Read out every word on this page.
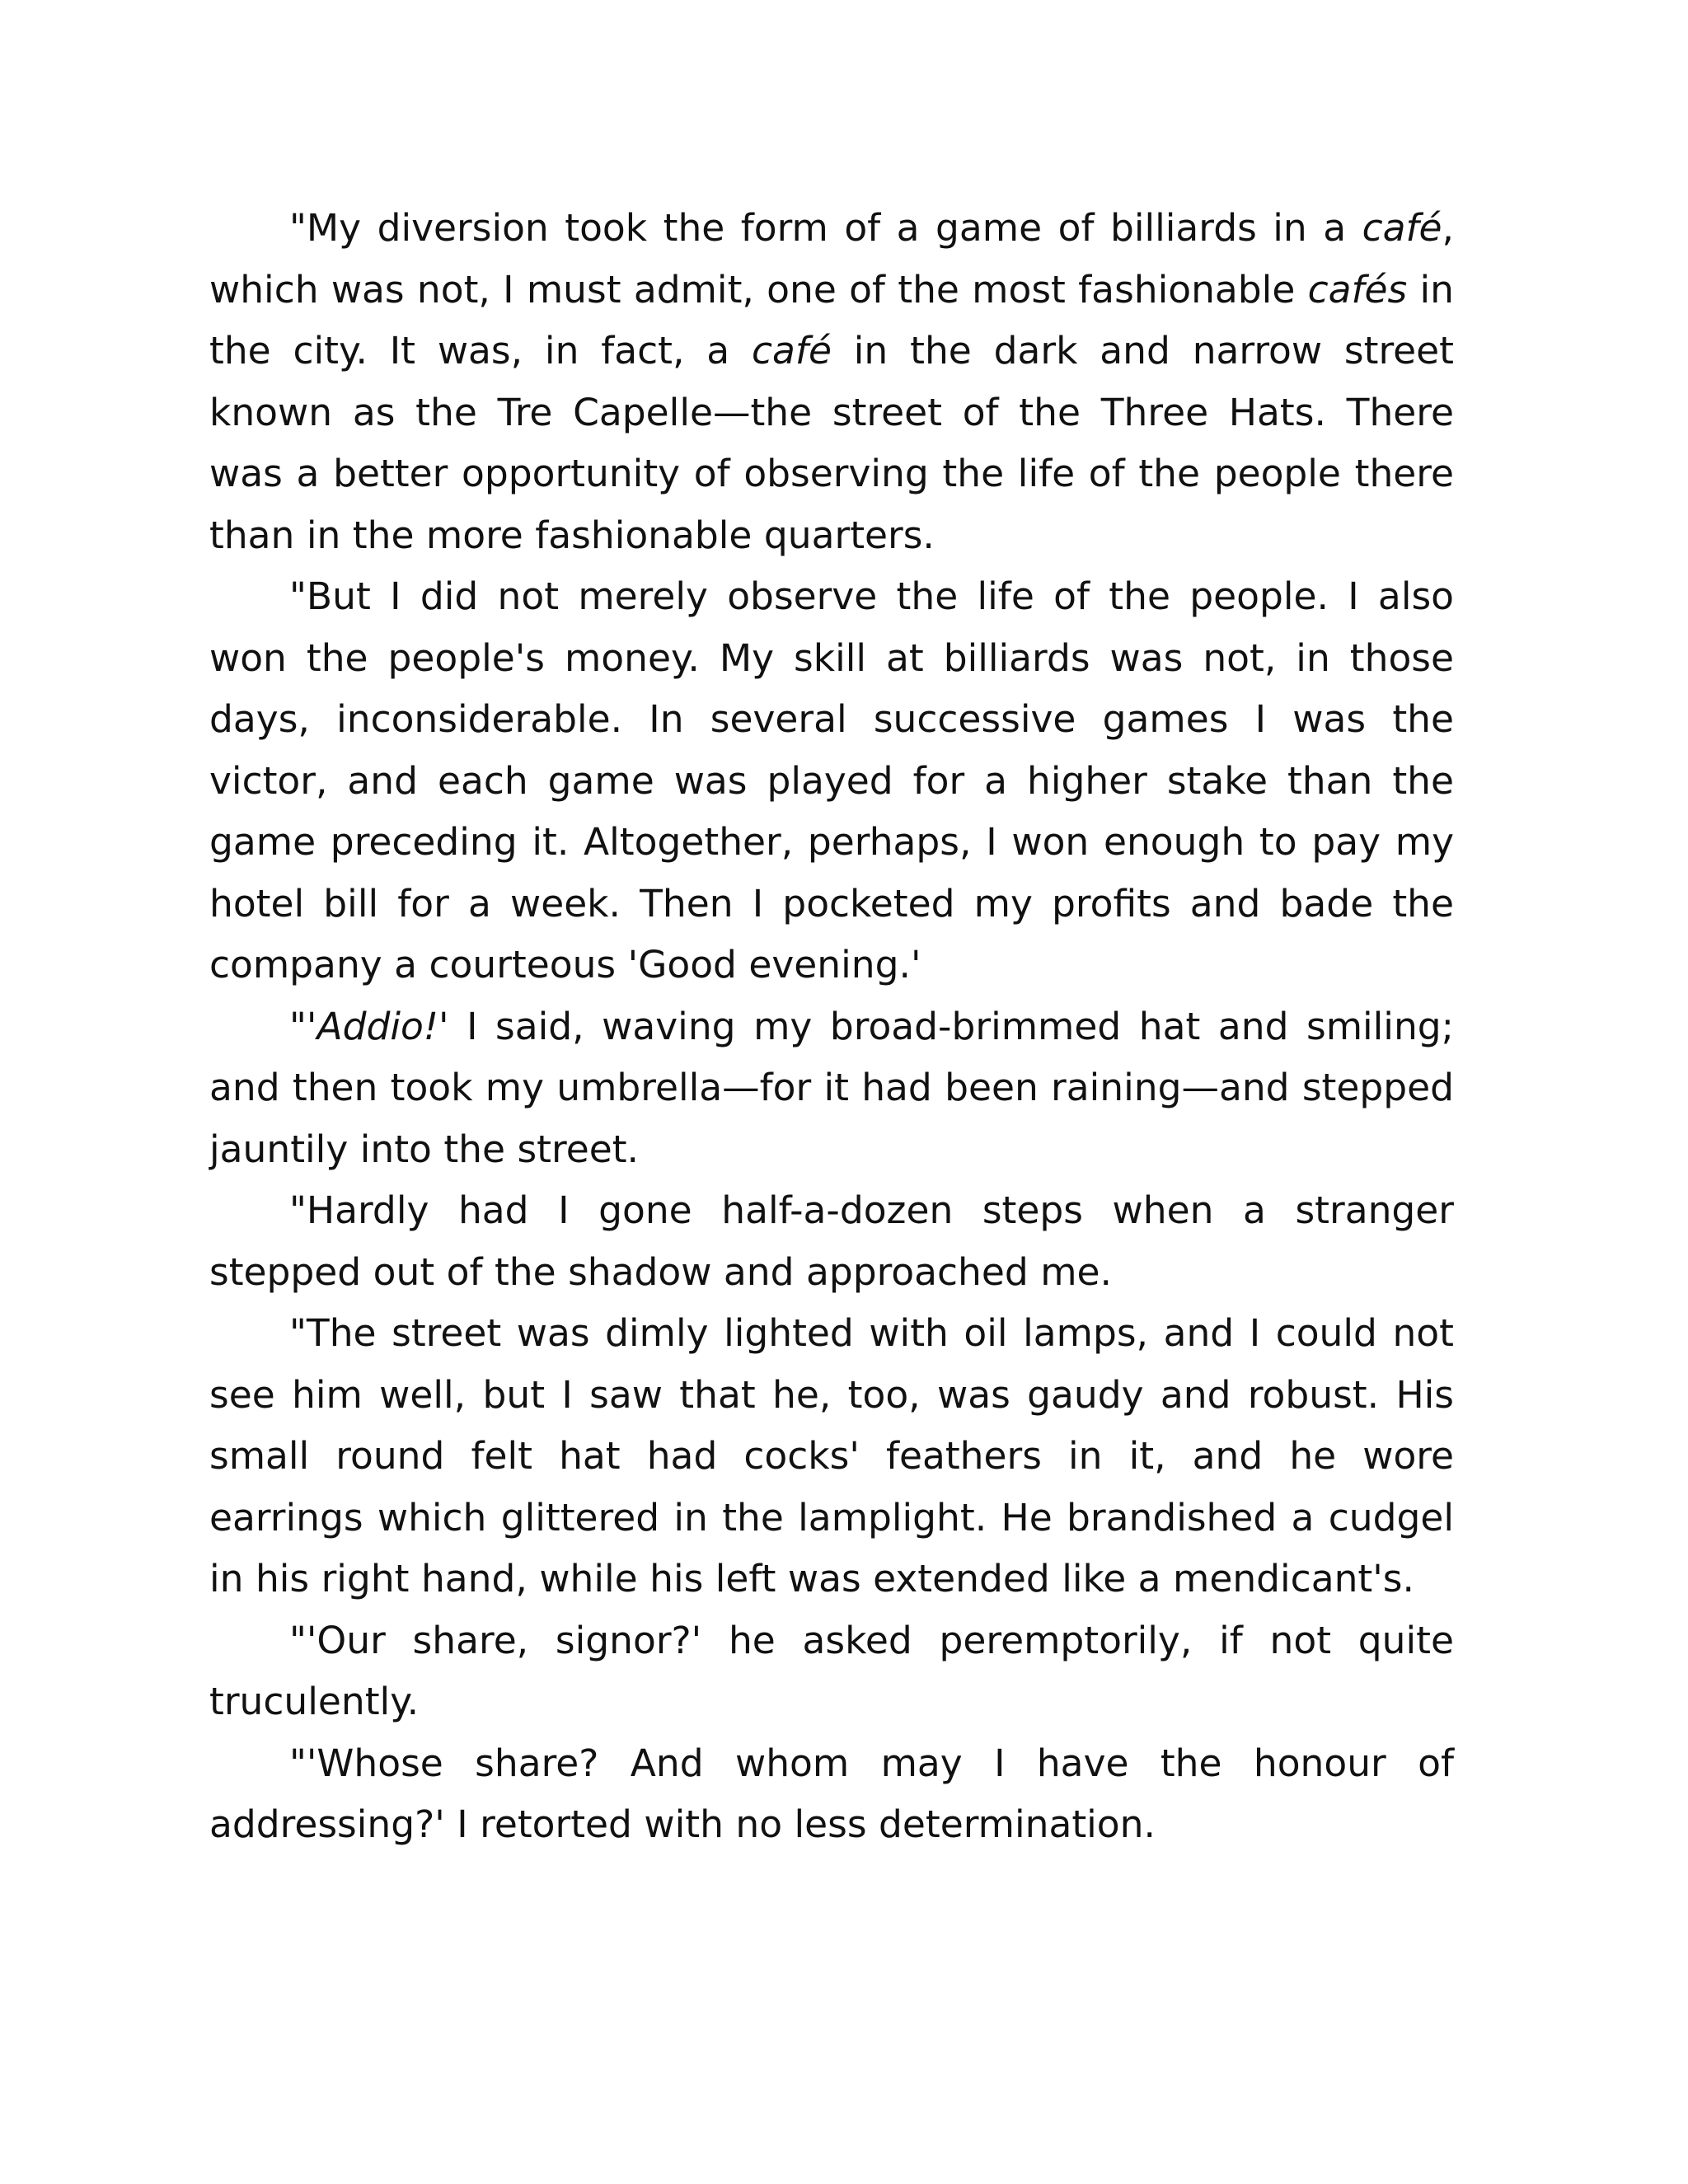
"My diversion took the form of a game of billiards in a café, which was not, I must admit, one of the most fashionable cafés in the city. It was, in fact, a café in the dark and narrow street known as the Tre Capelle—the street of the Three Hats. There was a better opportunity of observing the life of the people there than in the more fashionable quarters.

"But I did not merely observe the life of the people. I also won the people's money. My skill at billiards was not, in those days, inconsiderable. In several successive games I was the victor, and each game was played for a higher stake than the game preceding it. Altogether, perhaps, I won enough to pay my hotel bill for a week. Then I pocketed my profits and bade the company a courteous 'Good evening.'

"'Addio!' I said, waving my broad-brimmed hat and smiling; and then took my umbrella—for it had been raining—and stepped jauntily into the street.

"Hardly had I gone half-a-dozen steps when a stranger stepped out of the shadow and approached me.

"The street was dimly lighted with oil lamps, and I could not see him well, but I saw that he, too, was gaudy and robust. His small round felt hat had cocks' feathers in it, and he wore earrings which glittered in the lamplight. He brandished a cudgel in his right hand, while his left was extended like a mendicant's.

"'Our share, signor?' he asked peremptorily, if not quite truculently.

"'Whose share? And whom may I have the honour of addressing?' I retorted with no less determination.
